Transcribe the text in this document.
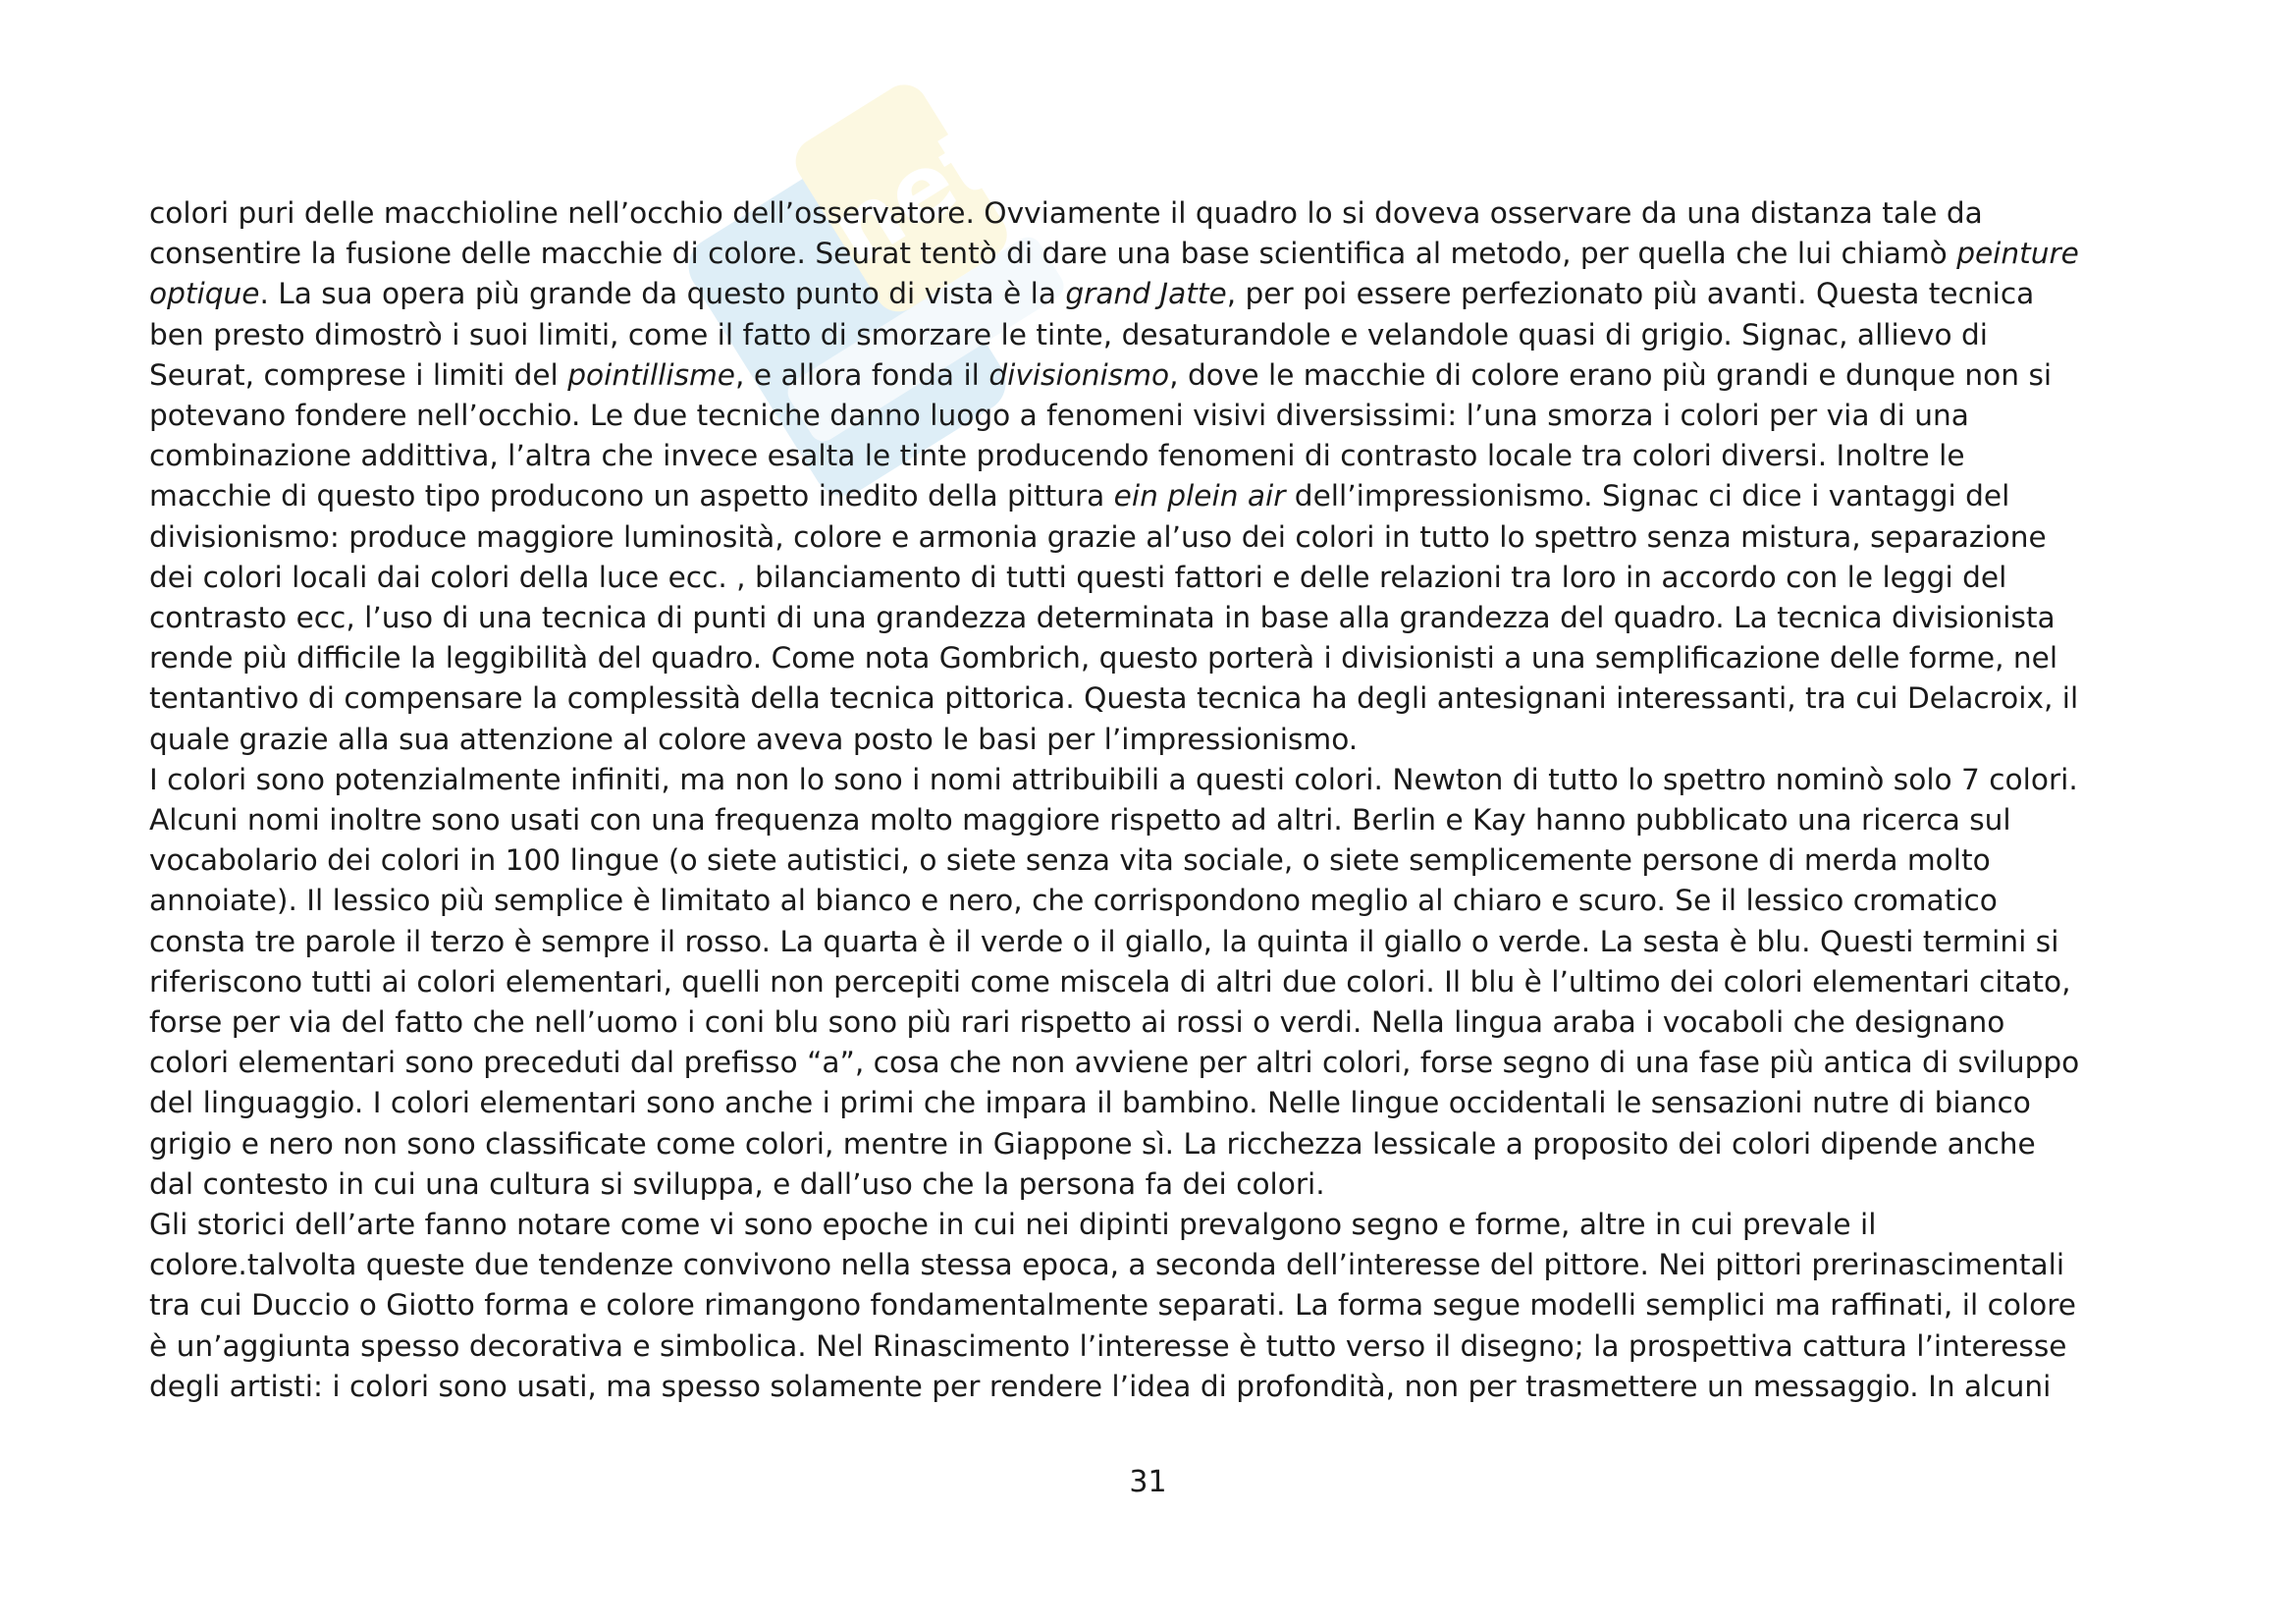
net
colori puri delle macchioline nell’occhio dell’osservatore. Ovviamente il quadro lo si doveva osservare da una distanza tale da
consentire la fusione delle macchie di colore. Seurat tentò di dare una base scientifica al metodo, per quella che lui chiamò peinture
optique. La sua opera più grande da questo punto di vista è la grand Jatte, per poi essere perfezionato più avanti. Questa tecnica
ben presto dimostrò i suoi limiti, come il fatto di smorzare le tinte, desaturandole e velandole quasi di grigio. Signac, allievo di
Seurat, comprese i limiti del pointillisme, e allora fonda il divisionismo, dove le macchie di colore erano più grandi e dunque non si
potevano fondere nell’occhio. Le due tecniche danno luogo a fenomeni visivi diversissimi: l’una smorza i colori per via di una
combinazione addittiva, l’altra che invece esalta le tinte producendo fenomeni di contrasto locale tra colori diversi. Inoltre le
macchie di questo tipo producono un aspetto inedito della pittura ein plein air dell’impressionismo. Signac ci dice i vantaggi del
divisionismo: produce maggiore luminosità, colore e armonia grazie al’uso dei colori in tutto lo spettro senza mistura, separazione
dei colori locali dai colori della luce ecc. , bilanciamento di tutti questi fattori e delle relazioni tra loro in accordo con le leggi del
contrasto ecc, l’uso di una tecnica di punti di una grandezza determinata in base alla grandezza del quadro. La tecnica divisionista
rende più difficile la leggibilità del quadro. Come nota Gombrich, questo porterà i divisionisti a una semplificazione delle forme, nel
tentantivo di compensare la complessità della tecnica pittorica. Questa tecnica ha degli antesignani interessanti, tra cui Delacroix, il
quale grazie alla sua attenzione al colore aveva posto le basi per l’impressionismo.
I colori sono potenzialmente infiniti, ma non lo sono i nomi attribuibili a questi colori. Newton di tutto lo spettro nominò solo 7 colori.
Alcuni nomi inoltre sono usati con una frequenza molto maggiore rispetto ad altri. Berlin e Kay hanno pubblicato una ricerca sul
vocabolario dei colori in 100 lingue (o siete autistici, o siete senza vita sociale, o siete semplicemente persone di merda molto
annoiate). Il lessico più semplice è limitato al bianco e nero, che corrispondono meglio al chiaro e scuro. Se il lessico cromatico
consta tre parole il terzo è sempre il rosso. La quarta è il verde o il giallo, la quinta il giallo o verde. La sesta è blu. Questi termini si
riferiscono tutti ai colori elementari, quelli non percepiti come miscela di altri due colori. Il blu è l’ultimo dei colori elementari citato,
forse per via del fatto che nell’uomo i coni blu sono più rari rispetto ai rossi o verdi. Nella lingua araba i vocaboli che designano
colori elementari sono preceduti dal prefisso “a”, cosa che non avviene per altri colori, forse segno di una fase più antica di sviluppo
del linguaggio. I colori elementari sono anche i primi che impara il bambino. Nelle lingue occidentali le sensazioni nutre di bianco
grigio e nero non sono classificate come colori, mentre in Giappone sì. La ricchezza lessicale a proposito dei colori dipende anche
dal contesto in cui una cultura si sviluppa, e dall’uso che la persona fa dei colori.
Gli storici dell’arte fanno notare come vi sono epoche in cui nei dipinti prevalgono segno e forme, altre in cui prevale il
colore.talvolta queste due tendenze convivono nella stessa epoca, a seconda dell’interesse del pittore. Nei pittori prerinascimentali
tra cui Duccio o Giotto forma e colore rimangono fondamentalmente separati. La forma segue modelli semplici ma raffinati, il colore
è un’aggiunta spesso decorativa e simbolica. Nel Rinascimento l’interesse è tutto verso il disegno; la prospettiva cattura l’interesse
degli artisti: i colori sono usati, ma spesso solamente per rendere l’idea di profondità, non per trasmettere un messaggio. In alcuni
31
